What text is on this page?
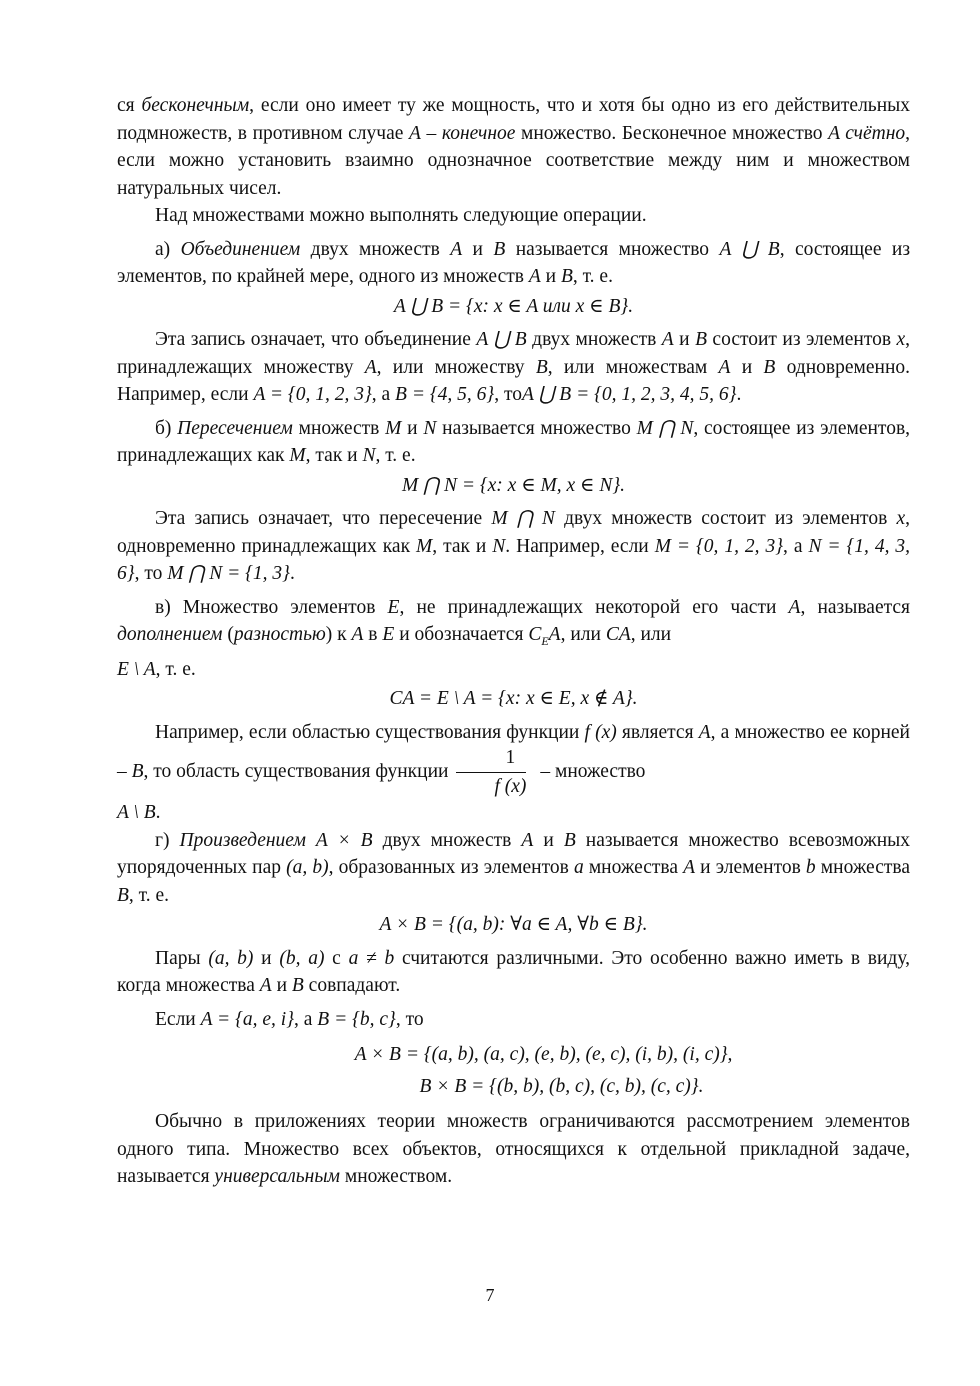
ся бесконечным, если оно имеет ту же мощность, что и хотя бы одно из его действительных подмножеств, в противном случае A – конечное множество. Бесконечное множество A счётно, если можно установить взаимно однозначное соответствие между ним и множеством натуральных чисел.

Над множествами можно выполнять следующие операции.

а) Объединением двух множеств A и B называется множество A ⋃ B, состоящее из элементов, по крайней мере, одного из множеств A и B, т. е.

A ⋃ B = {x: x ∈ A или x ∈ B}.

Эта запись означает, что объединение A ⋃ B двух множеств A и B состоит из элементов x, принадлежащих множеству A, или множеству B, или множествам A и B одновременно. Например, если A = {0, 1, 2, 3}, а B = {4, 5, 6}, тоA ⋃ B = {0, 1, 2, 3, 4, 5, 6}.

б) Пересечением множеств M и N называется множество M ⋂ N, состоящее из элементов, принадлежащих как M, так и N, т. е.

M ⋂ N = {x: x ∈ M, x ∈ N}.

Эта запись означает, что пересечение M ⋂ N двух множеств состоит из элементов x, одновременно принадлежащих как M, так и N. Например, если M = {0, 1, 2, 3}, а N = {1, 4, 3, 6}, то M ⋂ N = {1, 3}.

в) Множество элементов E, не принадлежащих некоторой его части A, называется дополнением (разностью) к A в E и обозначается $C_EA$, или CA, или
E \ A, т. е.

CA = E \ A = {x: x ∈ E, x ∉ A}.

Например, если областью существования функции f (x) является A, а множество ее корней – B, то область существования функции $\frac{1}{f (x)}$ – множество
A \ B.

г) Произведением A × B двух множеств A и B называется множество всевозможных упорядоченных пар (a, b), образованных из элементов a множества A и элементов b множества B, т. е.

A × B = {(a, b): ∀a ∈ A, ∀b ∈ B}.

Пары (a, b) и (b, a) с a ≠ b считаются различными. Это особенно важно иметь в виду, когда множества A и B совпадают.

Если A = {a, e, i}, а B = {b, c}, то

A × B = {(a, b), (a, c), (e, b), (e, c), (i, b), (i, c)},

B × B = {(b, b), (b, c), (c, b), (c, c)}.

Обычно в приложениях теории множеств ограничиваются рассмотрением элементов одного типа. Множество всех объектов, относящихся к отдельной прикладной задаче, называется универсальным множеством.

7
